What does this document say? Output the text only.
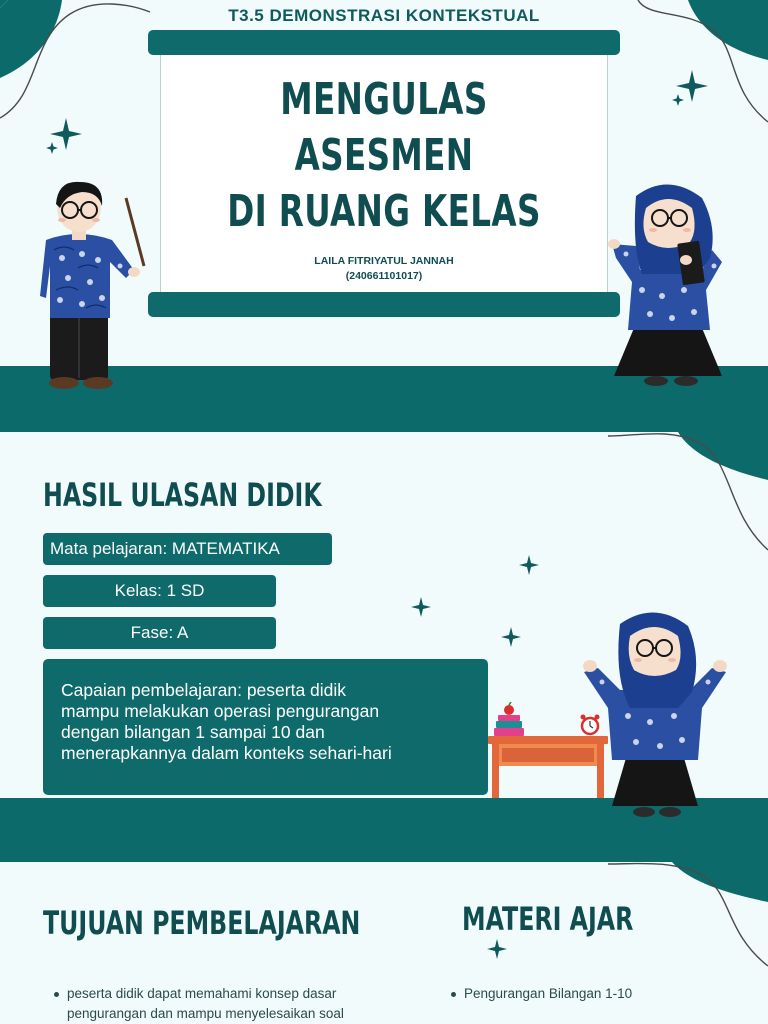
T3.5 DEMONSTRASI KONTEKSTUAL
MENGULAS ASESMEN
DI RUANG KELAS
LAILA FITRIYATUL JANNAH
(240661101017)
HASIL ULASAN DIDIK
Mata pelajaran: MATEMATIKA
Kelas: 1 SD
Fase: A
Capaian pembelajaran: peserta didik
mampu melakukan operasi pengurangan
dengan bilangan 1 sampai 10 dan
menerapkannya dalam konteks sehari-hari
TUJUAN PEMBELAJARAN	MATERI AJAR
peserta didik dapat memahami konsep dasar
pengurangan dan mampu menyelesaikan soal
Pengurangan Bilangan 1-10
